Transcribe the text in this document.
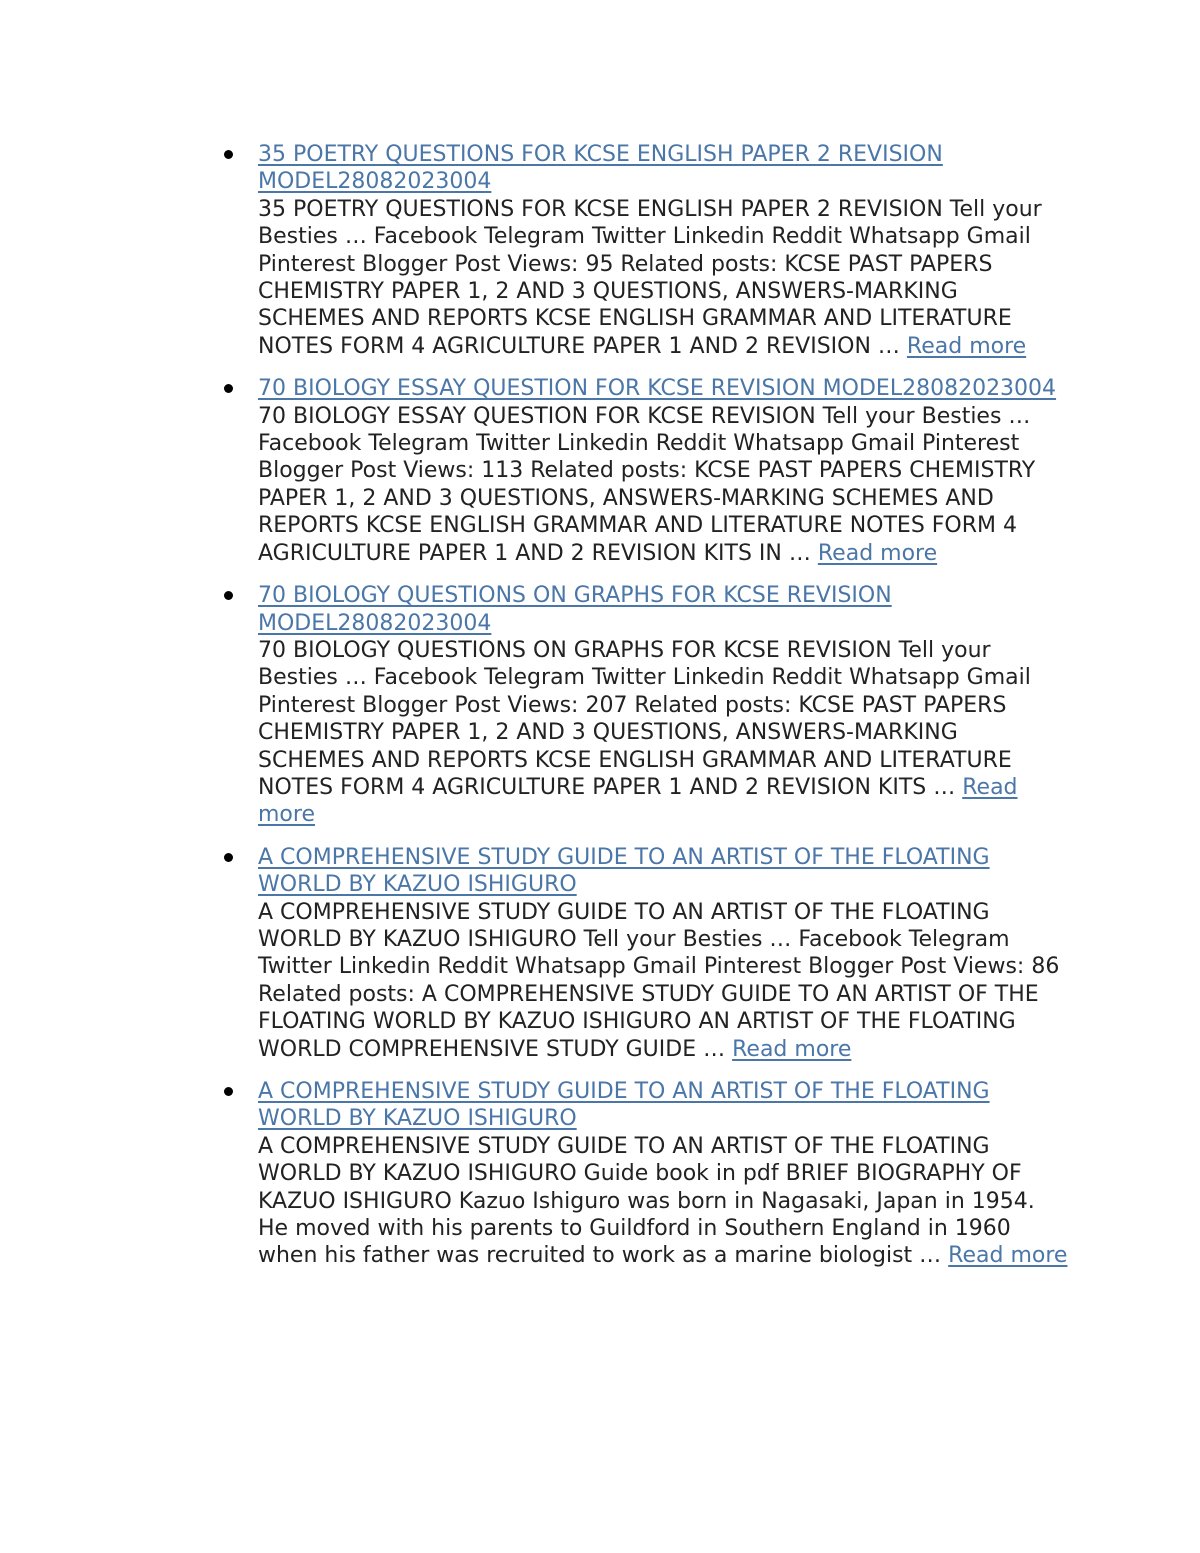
35 POETRY QUESTIONS FOR KCSE ENGLISH PAPER 2 REVISION MODEL28082023004
35 POETRY QUESTIONS FOR KCSE ENGLISH PAPER 2 REVISION Tell your Besties … Facebook Telegram Twitter Linkedin Reddit Whatsapp Gmail Pinterest Blogger Post Views: 95 Related posts: KCSE PAST PAPERS CHEMISTRY PAPER 1, 2 AND 3 QUESTIONS, ANSWERS-MARKING SCHEMES AND REPORTS KCSE ENGLISH GRAMMAR AND LITERATURE NOTES FORM 4 AGRICULTURE PAPER 1 AND 2 REVISION … Read more
70 BIOLOGY ESSAY QUESTION FOR KCSE REVISION MODEL28082023004
70 BIOLOGY ESSAY QUESTION FOR KCSE REVISION Tell your Besties … Facebook Telegram Twitter Linkedin Reddit Whatsapp Gmail Pinterest Blogger Post Views: 113 Related posts: KCSE PAST PAPERS CHEMISTRY PAPER 1, 2 AND 3 QUESTIONS, ANSWERS-MARKING SCHEMES AND REPORTS KCSE ENGLISH GRAMMAR AND LITERATURE NOTES FORM 4 AGRICULTURE PAPER 1 AND 2 REVISION KITS IN … Read more
70 BIOLOGY QUESTIONS ON GRAPHS FOR KCSE REVISION MODEL28082023004
70 BIOLOGY QUESTIONS ON GRAPHS FOR KCSE REVISION Tell your Besties … Facebook Telegram Twitter Linkedin Reddit Whatsapp Gmail Pinterest Blogger Post Views: 207 Related posts: KCSE PAST PAPERS CHEMISTRY PAPER 1, 2 AND 3 QUESTIONS, ANSWERS-MARKING SCHEMES AND REPORTS KCSE ENGLISH GRAMMAR AND LITERATURE NOTES FORM 4 AGRICULTURE PAPER 1 AND 2 REVISION KITS … Read more
A COMPREHENSIVE STUDY GUIDE TO AN ARTIST OF THE FLOATING WORLD BY KAZUO ISHIGURO
A COMPREHENSIVE STUDY GUIDE TO AN ARTIST OF THE FLOATING WORLD BY KAZUO ISHIGURO Tell your Besties … Facebook Telegram Twitter Linkedin Reddit Whatsapp Gmail Pinterest Blogger Post Views: 86 Related posts: A COMPREHENSIVE STUDY GUIDE TO AN ARTIST OF THE FLOATING WORLD BY KAZUO ISHIGURO AN ARTIST OF THE FLOATING WORLD COMPREHENSIVE STUDY GUIDE … Read more
A COMPREHENSIVE STUDY GUIDE TO AN ARTIST OF THE FLOATING WORLD BY KAZUO ISHIGURO
A COMPREHENSIVE STUDY GUIDE TO AN ARTIST OF THE FLOATING WORLD BY KAZUO ISHIGURO Guide book in pdf BRIEF BIOGRAPHY OF KAZUO ISHIGURO Kazuo Ishiguro was born in Nagasaki, Japan in 1954. He moved with his parents to Guildford in Southern England in 1960 when his father was recruited to work as a marine biologist … Read more
